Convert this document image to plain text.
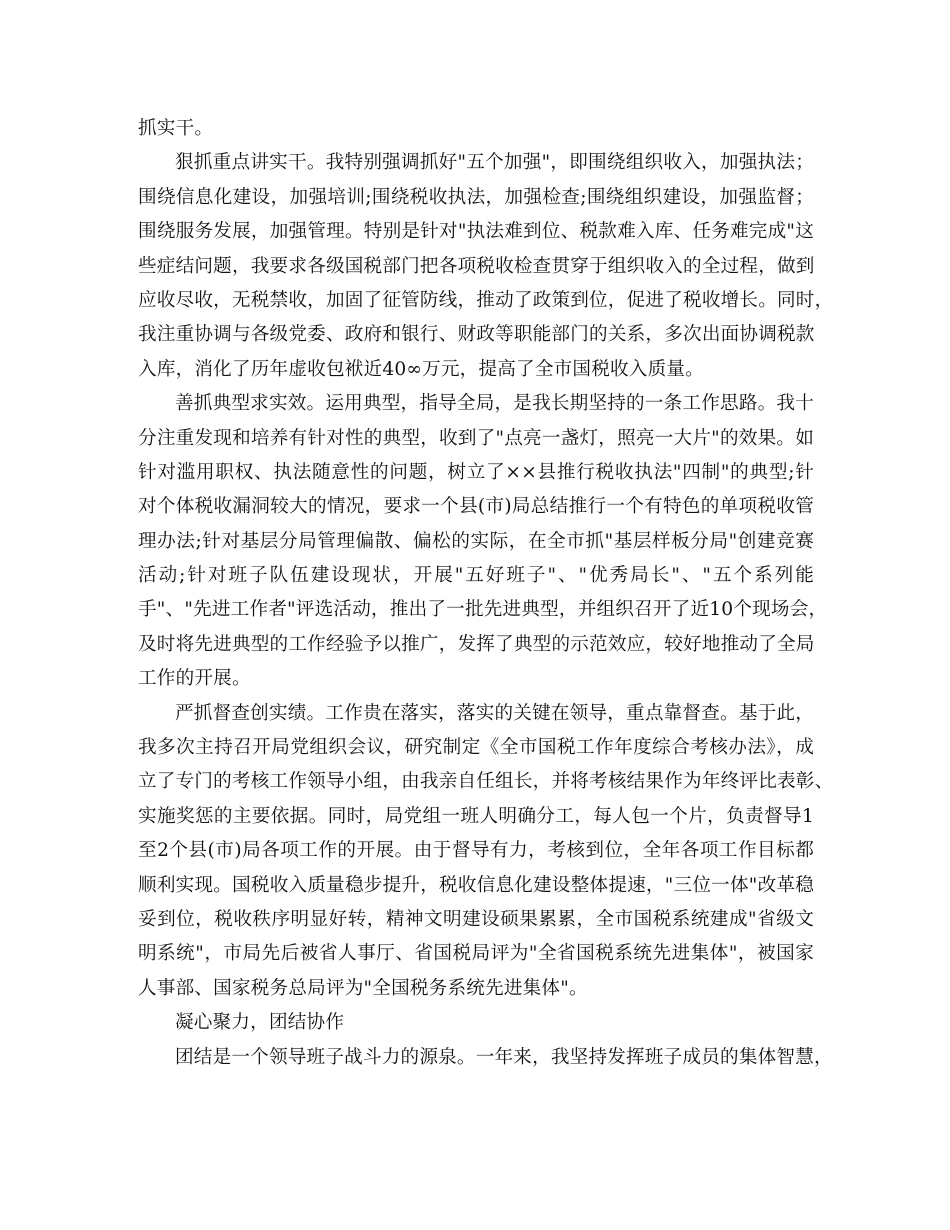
抓实干。
狠抓重点讲实干。我特别强调抓好"五个加强"，即围绕组织收入，加强执法；
围绕信息化建设，加强培训;围绕税收执法，加强检查;围绕组织建设，加强监督；
围绕服务发展，加强管理。特别是针对"执法难到位、税款难入库、任务难完成"这
些症结问题，我要求各级国税部门把各项税收检查贯穿于组织收入的全过程，做到
应收尽收，无税禁收，加固了征管防线，推动了政策到位，促进了税收增长。同时，
我注重协调与各级党委、政府和银行、财政等职能部门的关系，多次出面协调税款
入库，消化了历年虚收包袱近40∞万元，提高了全市国税收入质量。
善抓典型求实效。运用典型，指导全局，是我长期坚持的一条工作思路。我十
分注重发现和培养有针对性的典型，收到了"点亮一盏灯，照亮一大片"的效果。如
针对滥用职权、执法随意性的问题，树立了××县推行税收执法"四制"的典型;针
对个体税收漏洞较大的情况，要求一个县(市)局总结推行一个有特色的单项税收管
理办法;针对基层分局管理偏散、偏松的实际，在全市抓"基层样板分局"创建竞赛
活动;针对班子队伍建设现状，开展"五好班子"、"优秀局长"、"五个系列能
手"、"先进工作者"评选活动，推出了一批先进典型，并组织召开了近10个现场会，
及时将先进典型的工作经验予以推广，发挥了典型的示范效应，较好地推动了全局
工作的开展。
严抓督查创实绩。工作贵在落实，落实的关键在领导，重点靠督查。基于此，
我多次主持召开局党组织会议，研究制定《全市国税工作年度综合考核办法》，成
立了专门的考核工作领导小组，由我亲自任组长，并将考核结果作为年终评比表彰、
实施奖惩的主要依据。同时，局党组一班人明确分工，每人包一个片，负责督导1
至2个县(市)局各项工作的开展。由于督导有力，考核到位，全年各项工作目标都
顺利实现。国税收入质量稳步提升，税收信息化建设整体提速，"三位一体"改革稳
妥到位，税收秩序明显好转，精神文明建设硕果累累，全市国税系统建成"省级文
明系统"，市局先后被省人事厅、省国税局评为"全省国税系统先进集体"，被国家
人事部、国家税务总局评为"全国税务系统先进集体"。
凝心聚力，团结协作
团结是一个领导班子战斗力的源泉。一年来，我坚持发挥班子成员的集体智慧，
